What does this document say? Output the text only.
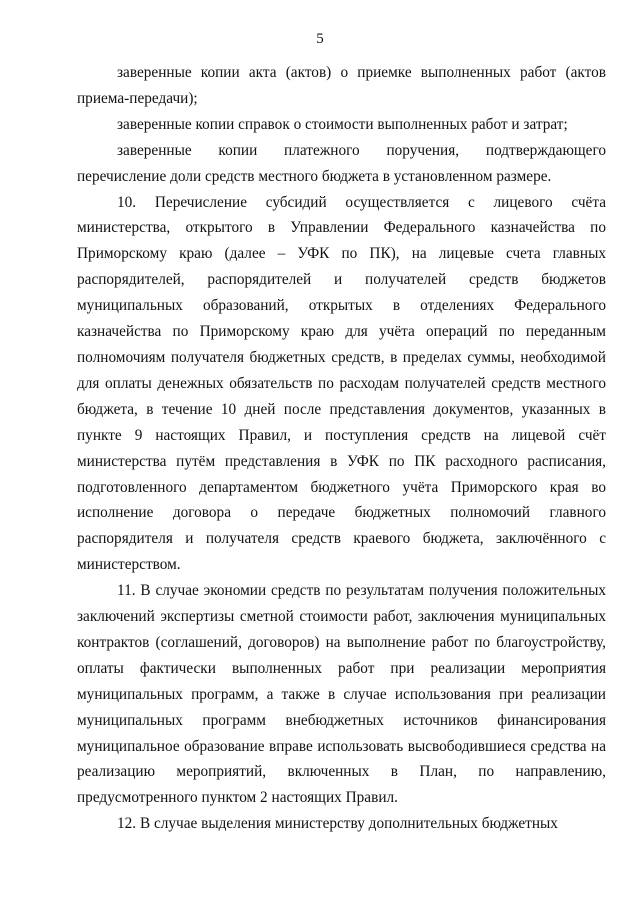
5

заверенные копии акта (актов) о приемке выполненных работ (актов приема-передачи);

заверенные копии справок о стоимости выполненных работ и затрат;

заверенные копии платежного поручения, подтверждающего перечисление доли средств местного бюджета в установленном размере.

10. Перечисление субсидий осуществляется с лицевого счёта министерства, открытого в Управлении Федерального казначейства по Приморскому краю (далее – УФК по ПК), на лицевые счета главных распорядителей, распорядителей и получателей средств бюджетов муниципальных образований, открытых в отделениях Федерального казначейства по Приморскому краю для учёта операций по переданным полномочиям получателя бюджетных средств, в пределах суммы, необходимой для оплаты денежных обязательств по расходам получателей средств местного бюджета, в течение 10 дней после представления документов, указанных в пункте 9 настоящих Правил, и поступления средств на лицевой счёт министерства путём представления в УФК по ПК расходного расписания, подготовленного департаментом бюджетного учёта Приморского края во исполнение договора о передаче бюджетных полномочий главного распорядителя и получателя средств краевого бюджета, заключённого с министерством.

11. В случае экономии средств по результатам получения положительных заключений экспертизы сметной стоимости работ, заключения муниципальных контрактов (соглашений, договоров) на выполнение работ по благоустройству, оплаты фактически выполненных работ при реализации мероприятия муниципальных программ, а также в случае использования при реализации муниципальных программ внебюджетных источников финансирования муниципальное образование вправе использовать высвободившиеся средства на реализацию мероприятий, включенных в План, по направлению, предусмотренного пунктом 2 настоящих Правил.

12. В случае выделения министерству дополнительных бюджетных
